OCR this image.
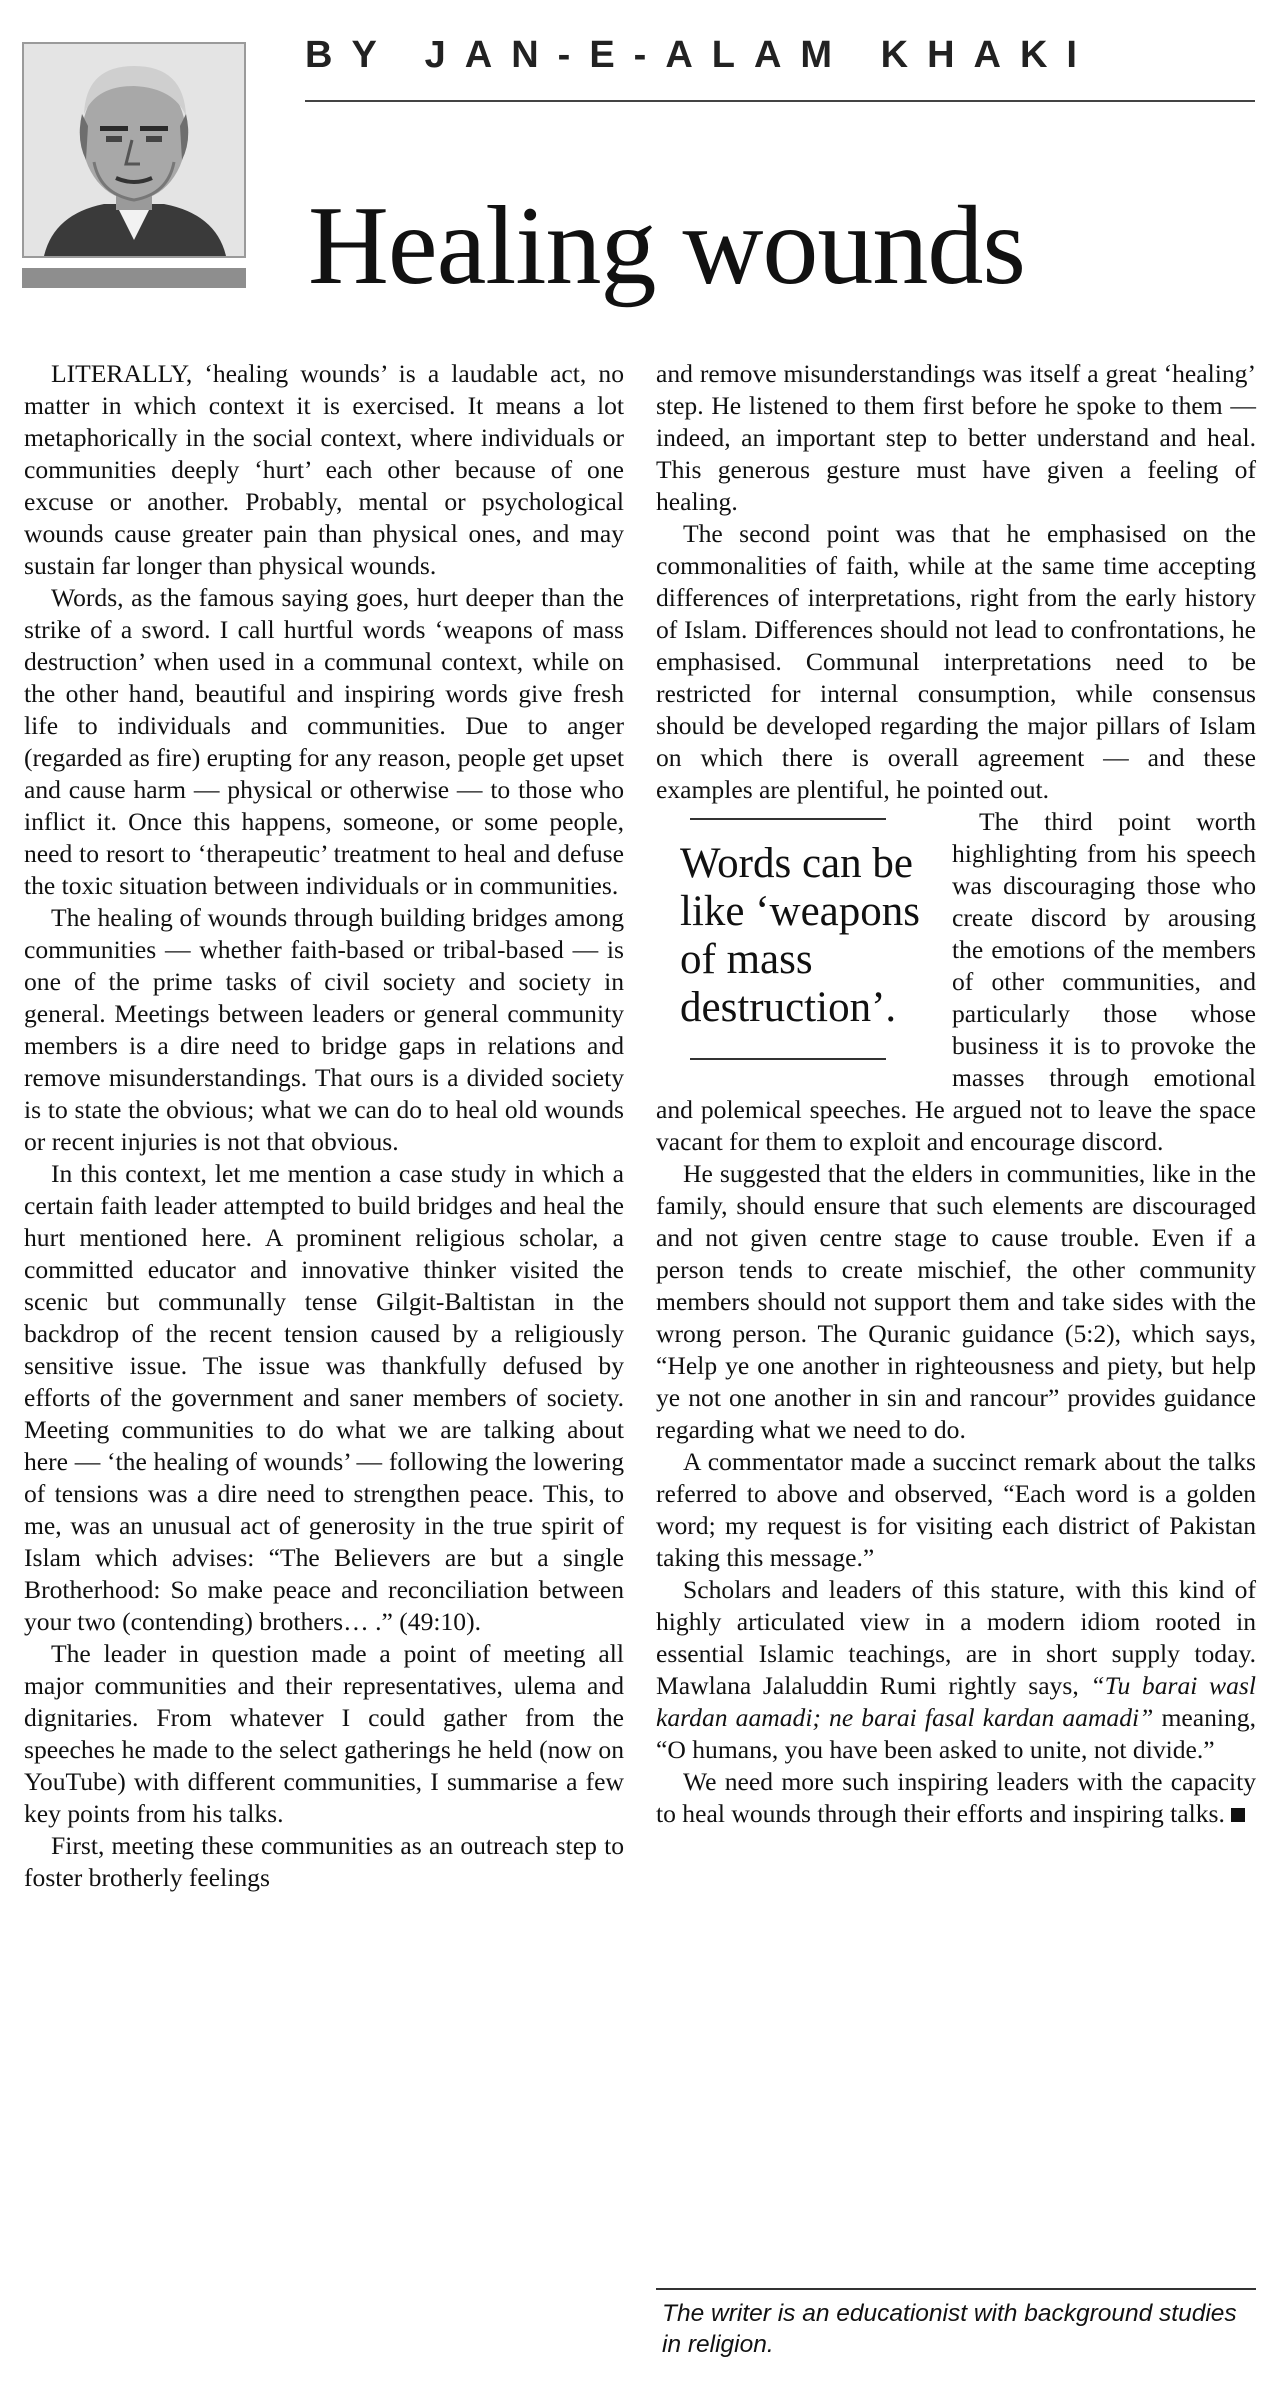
BY JAN-E-ALAM KHAKI
Healing wounds

LITERALLY, ‘healing wounds’ is a laudable act, no matter in which context it is exercised. It means a lot metaphorically in the social context, where individuals or communities deeply ‘hurt’ each other because of one excuse or another. Probably, mental or psychological wounds cause greater pain than physical ones, and may sustain far longer than physical wounds.

Words, as the famous saying goes, hurt deeper than the strike of a sword. I call hurtful words ‘weapons of mass destruction’ when used in a communal context, while on the other hand, beautiful and inspiring words give fresh life to individuals and communities. Due to anger (regarded as fire) erupting for any reason, people get upset and cause harm — physical or otherwise — to those who inflict it. Once this happens, someone, or some people, need to resort to ‘therapeutic’ treatment to heal and defuse the toxic situation between individuals or in communities.

The healing of wounds through building bridges among communities — whether faith-based or tribal-based — is one of the prime tasks of civil society and society in general. Meetings between leaders or general community members is a dire need to bridge gaps in relations and remove misunderstandings. That ours is a divided society is to state the obvious; what we can do to heal old wounds or recent injuries is not that obvious.

In this context, let me mention a case study in which a certain faith leader attempted to build bridges and heal the hurt mentioned here. A prominent religious scholar, a committed educator and innovative thinker visited the scenic but communally tense Gilgit-Baltistan in the backdrop of the recent tension caused by a religiously sensitive issue. The issue was thankfully defused by efforts of the government and saner members of society. Meeting communities to do what we are talking about here — ‘the healing of wounds’ — following the lowering of tensions was a dire need to strengthen peace. This, to me, was an unusual act of generosity in the true spirit of Islam which advises: “The Believers are but a single Brotherhood: So make peace and reconciliation between your two (contending) brothers… .” (49:10).

The leader in question made a point of meeting all major communities and their representatives, ulema and dignitaries. From whatever I could gather from the speeches he made to the select gatherings he held (now on YouTube) with different communities, I summarise a few key points from his talks.

First, meeting these communities as an outreach step to foster brotherly feelings

and remove misunderstandings was itself a great ‘healing’ step. He listened to them first before he spoke to them — indeed, an important step to better understand and heal. This generous gesture must have given a feeling of healing.

The second point was that he emphasised on the commonalities of faith, while at the same time accepting differences of interpretations, right from the early history of Islam. Differences should not lead to confrontations, he emphasised. Communal interpretations need to be restricted for internal consumption, while consensus should be developed regarding the major pillars of Islam on which there is overall agreement — and these examples are plentiful, he pointed out.

Words can be like ‘weapons of mass destruction’.

The third point worth highlighting from his speech was discouraging those who create discord by arousing the emotions of the members of other communities, and particularly those whose business it is to provoke the masses through emotional and polemical speeches. He argued not to leave the space vacant for them to exploit and encourage discord.

He suggested that the elders in communities, like in the family, should ensure that such elements are discouraged and not given centre stage to cause trouble. Even if a person tends to create mischief, the other community members should not support them and take sides with the wrong person. The Quranic guidance (5:2), which says, “Help ye one another in righteousness and piety, but help ye not one another in sin and rancour” provides guidance regarding what we need to do.

A commentator made a succinct remark about the talks referred to above and observed, “Each word is a golden word; my request is for visiting each district of Pakistan taking this message.”

Scholars and leaders of this stature, with this kind of highly articulated view in a modern idiom rooted in essential Islamic teachings, are in short supply today. Mawlana Jalaluddin Rumi rightly says, “Tu barai wasl kardan aamadi; ne barai fasal kardan aamadi” meaning, “O humans, you have been asked to unite, not divide.”

We need more such inspiring leaders with the capacity to heal wounds through their efforts and inspiring talks.

The writer is an educationist with background studies in religion.
